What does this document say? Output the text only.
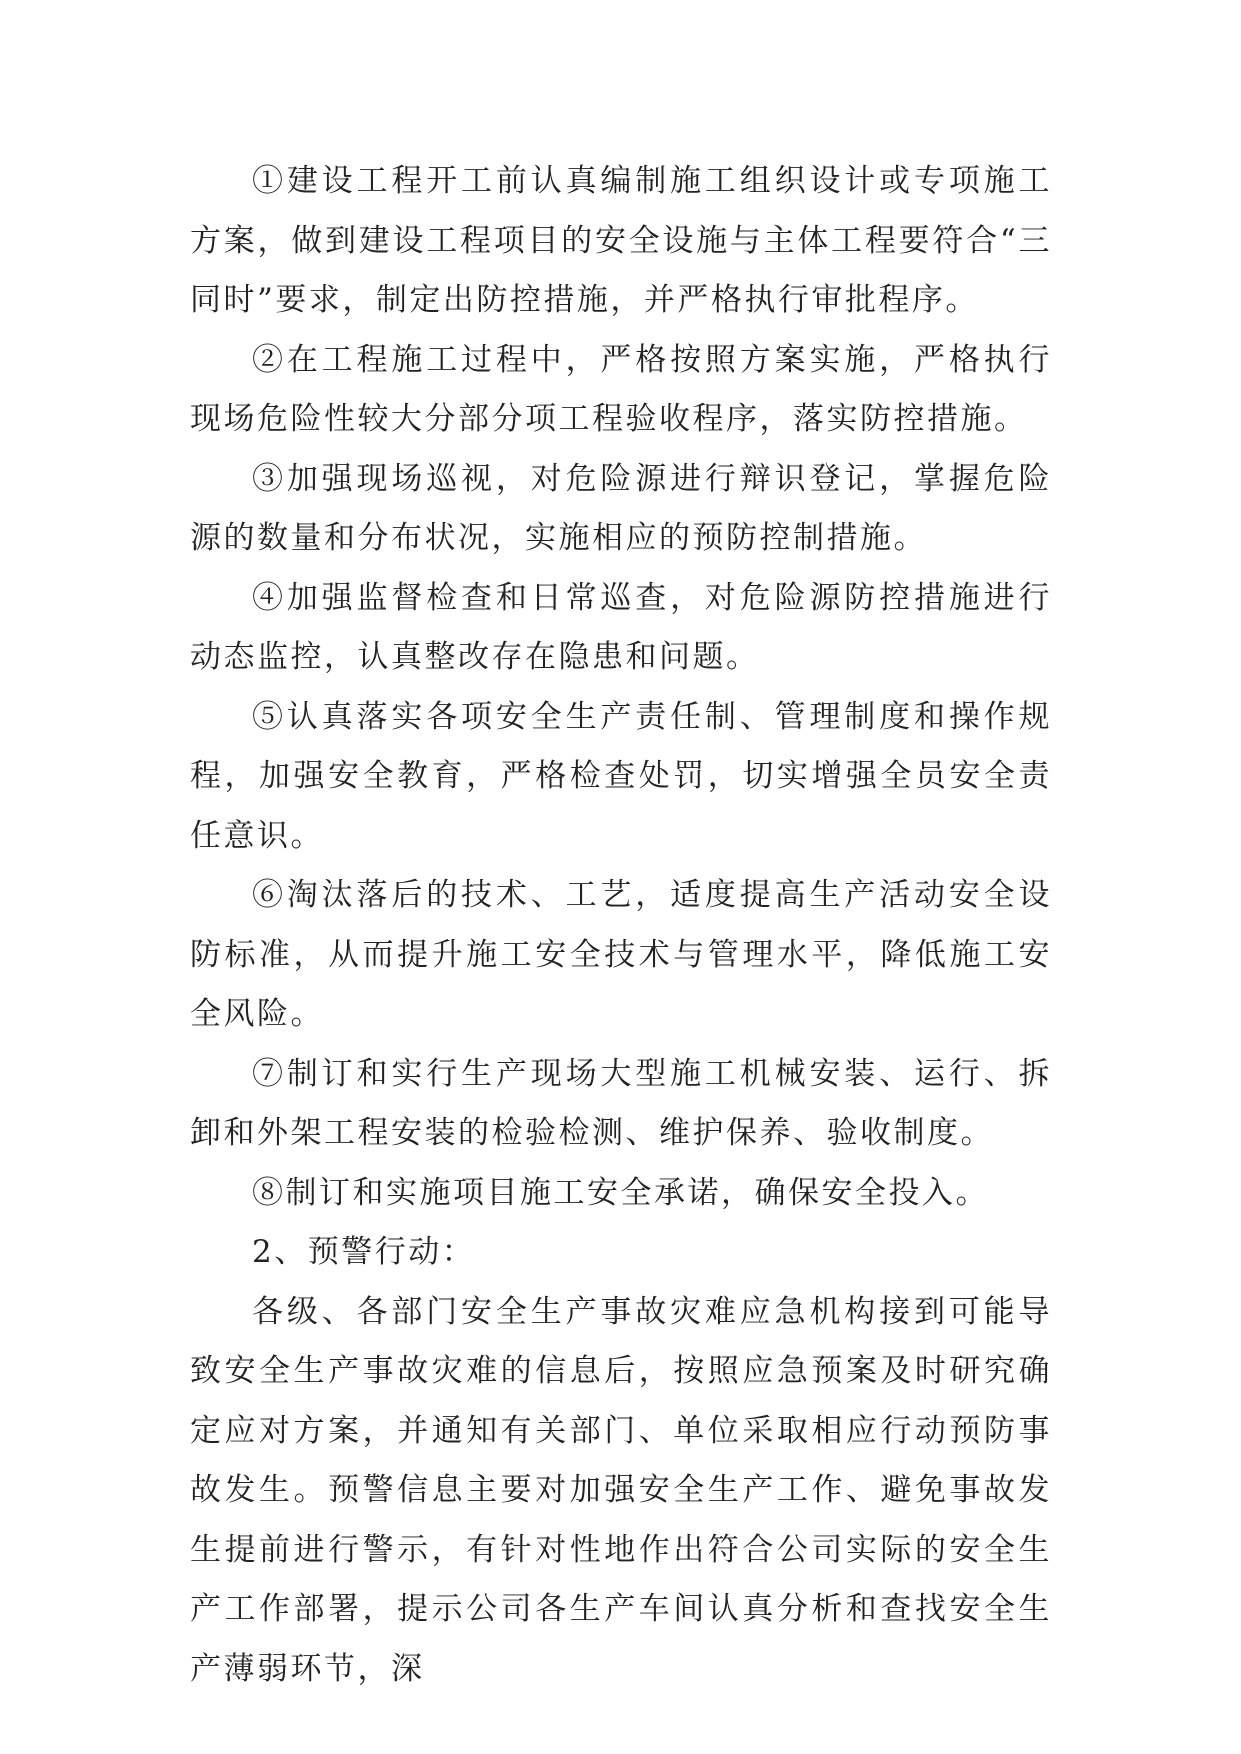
①建设工程开工前认真编制施工组织设计或专项施工方案，做到建设工程项目的安全设施与主体工程要符合“三同时”要求，制定出防控措施，并严格执行审批程序。

②在工程施工过程中，严格按照方案实施，严格执行现场危险性较大分部分项工程验收程序，落实防控措施。

③加强现场巡视，对危险源进行辩识登记，掌握危险源的数量和分布状况，实施相应的预防控制措施。

④加强监督检查和日常巡查，对危险源防控措施进行动态监控，认真整改存在隐患和问题。

⑤认真落实各项安全生产责任制、管理制度和操作规程，加强安全教育，严格检查处罚，切实增强全员安全责任意识。

⑥淘汰落后的技术、工艺，适度提高生产活动安全设防标准，从而提升施工安全技术与管理水平，降低施工安全风险。

⑦制订和实行生产现场大型施工机械安装、运行、拆卸和外架工程安装的检验检测、维护保养、验收制度。

⑧制订和实施项目施工安全承诺，确保安全投入。

2、预警行动：

各级、各部门安全生产事故灾难应急机构接到可能导致安全生产事故灾难的信息后，按照应急预案及时研究确定应对方案，并通知有关部门、单位采取相应行动预防事故发生。预警信息主要对加强安全生产工作、避免事故发生提前进行警示，有针对性地作出符合公司实际的安全生产工作部署，提示公司各生产车间认真分析和查找安全生产薄弱环节，深
